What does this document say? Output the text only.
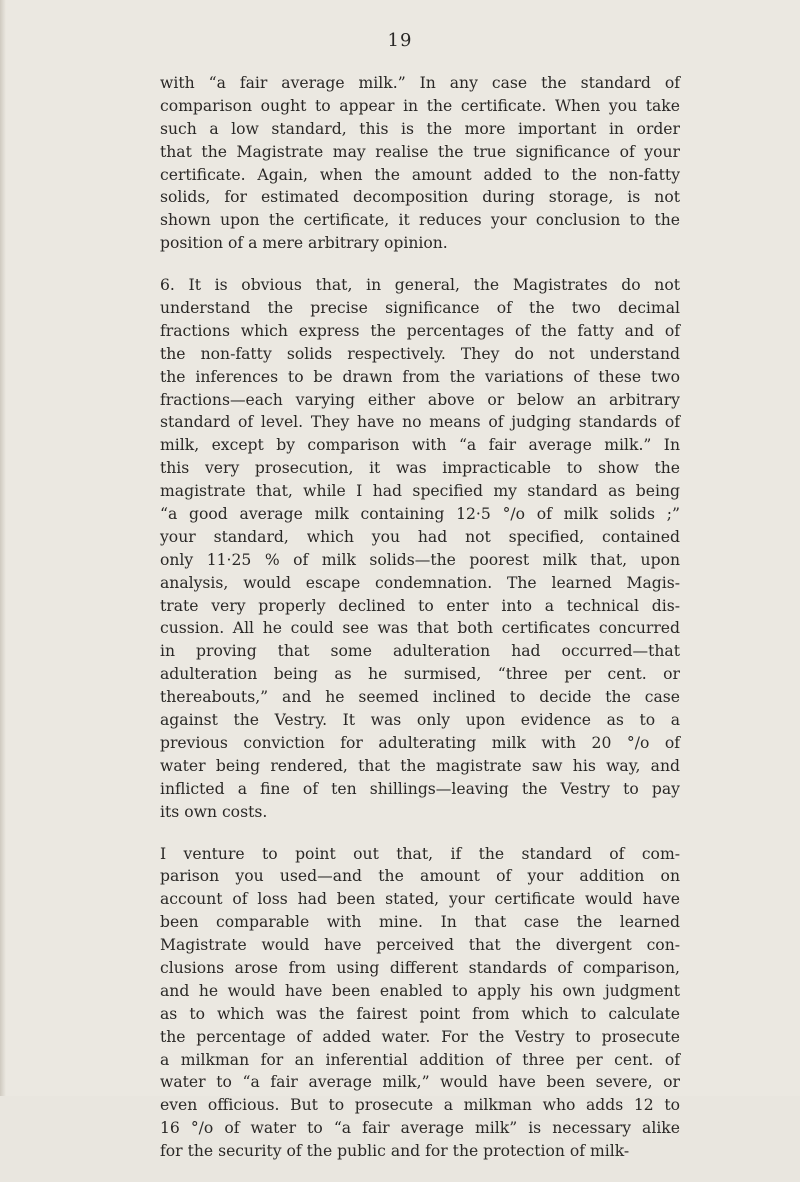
19
with “a fair average milk.” In any case the standard of
comparison ought to appear in the certificate. When you take
such a low standard, this is the more important in order
that the Magistrate may realise the true significance of your
certificate. Again, when the amount added to the non-fatty
solids, for estimated decomposition during storage, is not
shown upon the certificate, it reduces your conclusion to the
position of a mere arbitrary opinion.
6. It is obvious that, in general, the Magistrates do not
understand the precise significance of the two decimal
fractions which express the percentages of the fatty and of
the non-fatty solids respectively. They do not understand
the inferences to be drawn from the variations of these two
fractions—each varying either above or below an arbitrary
standard of level. They have no means of judging standards of
milk, except by comparison with “a fair average milk.” In
this very prosecution, it was impracticable to show the
magistrate that, while I had specified my standard as being
“a good average milk containing 12·5 °/o of milk solids ;”
your standard, which you had not specified, contained
only 11·25 % of milk solids—the poorest milk that, upon
analysis, would escape condemnation. The learned Magis-
trate very properly declined to enter into a technical dis-
cussion. All he could see was that both certificates concurred
in proving that some adulteration had occurred—that
adulteration being as he surmised, “three per cent. or
thereabouts,” and he seemed inclined to decide the case
against the Vestry. It was only upon evidence as to a
previous conviction for adulterating milk with 20 °/o of
water being rendered, that the magistrate saw his way, and
inflicted a fine of ten shillings—leaving the Vestry to pay
its own costs.
I venture to point out that, if the standard of com-
parison you used—and the amount of your addition on
account of loss had been stated, your certificate would have
been comparable with mine. In that case the learned
Magistrate would have perceived that the divergent con-
clusions arose from using different standards of comparison,
and he would have been enabled to apply his own judgment
as to which was the fairest point from which to calculate
the percentage of added water. For the Vestry to prosecute
a milkman for an inferential addition of three per cent. of
water to “a fair average milk,” would have been severe, or
even officious. But to prosecute a milkman who adds 12 to
16 °/o of water to “a fair average milk” is necessary alike
for the security of the public and for the protection of milk-
